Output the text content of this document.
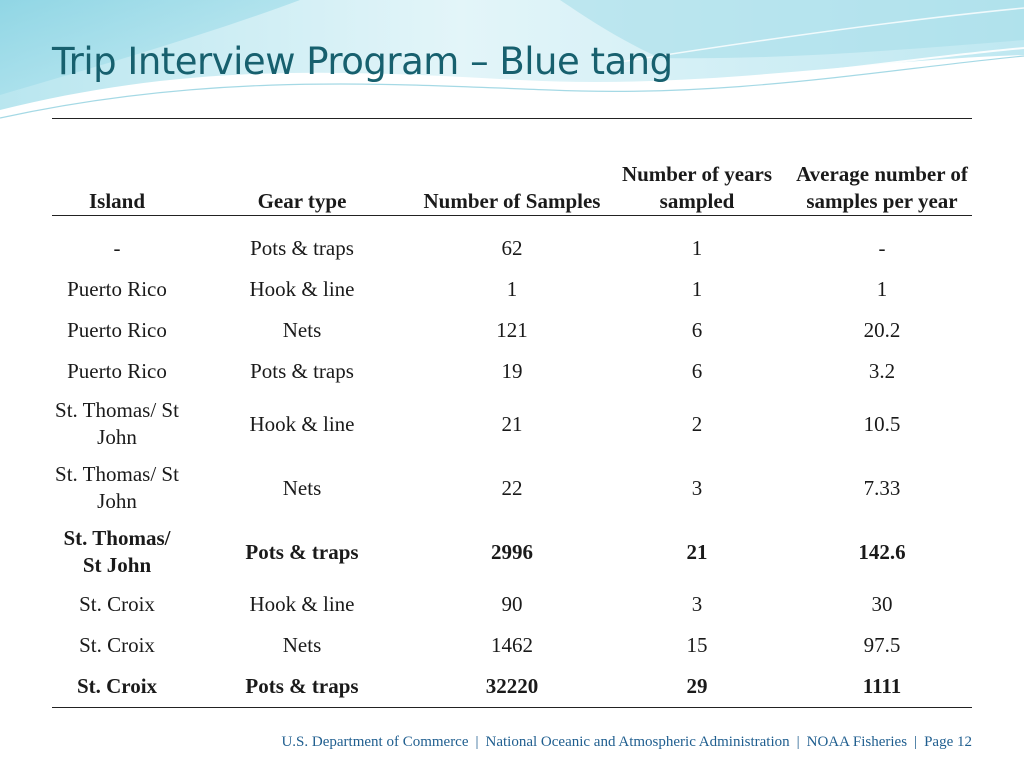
Trip Interview Program – Blue tang
Island	Gear type	Number of Samples	Number of years sampled	Average number of samples per year
-	Pots & traps	62	1	-
Puerto Rico	Hook & line	1	1	1
Puerto Rico	Nets	121	6	20.2
Puerto Rico	Pots & traps	19	6	3.2
St. Thomas/ St John	Hook & line	21	2	10.5
St. Thomas/ St John	Nets	22	3	7.33
St. Thomas/ St John	Pots & traps	2996	21	142.6
St. Croix	Hook & line	90	3	30
St. Croix	Nets	1462	15	97.5
St. Croix	Pots & traps	32220	29	1111
U.S. Department of Commerce | National Oceanic and Atmospheric Administration | NOAA Fisheries | Page 12
